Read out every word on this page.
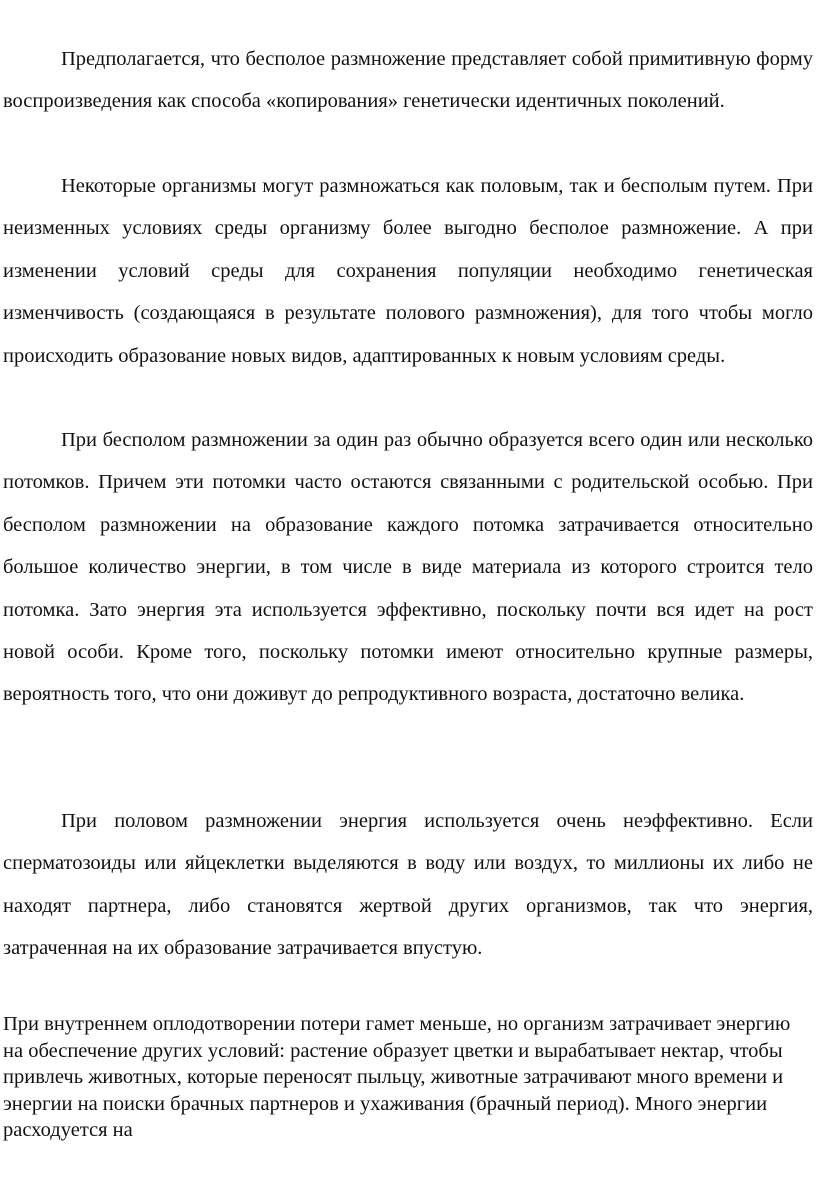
Предполагается, что бесполое размножение представляет собой примитивную форму воспроизведения как способа «копирования» генетически идентичных поколений.

Некоторые организмы могут размножаться как половым, так и бесполым путем. При неизменных условиях среды организму более выгодно бесполое размножение. А при изменении условий среды для сохранения популяции необходимо генетическая изменчивость (создающаяся в результате полового размножения), для того чтобы могло происходить образование новых видов, адаптированных к новым условиям среды.

При бесполом размножении за один раз обычно образуется всего один или несколько потомков. Причем эти потомки часто остаются связанными с родительской особью. При бесполом размножении на образование каждого потомка затрачивается относительно большое количество энергии, в том числе в виде материала из которого строится тело потомка. Зато энергия эта используется эффективно, поскольку почти вся идет на рост новой особи. Кроме того, поскольку потомки имеют относительно крупные размеры, вероятность того, что они доживут до репродуктивного возраста, достаточно велика.

При половом размножении энергия используется очень неэффективно. Если сперматозоиды или яйцеклетки выделяются в воду или воздух, то миллионы их либо не находят партнера, либо становятся жертвой других организмов, так что энергия, затраченная на их образование затрачивается впустую.

При внутреннем оплодотворении потери гамет меньше, но организм затрачивает энергию на обеспечение других условий: растение образует цветки и вырабатывает нектар, чтобы привлечь животных, которые переносят пыльцу, животные затрачивают много времени и энергии на поиски брачных партнеров и ухаживания (брачный период). Много энергии расходуется на
